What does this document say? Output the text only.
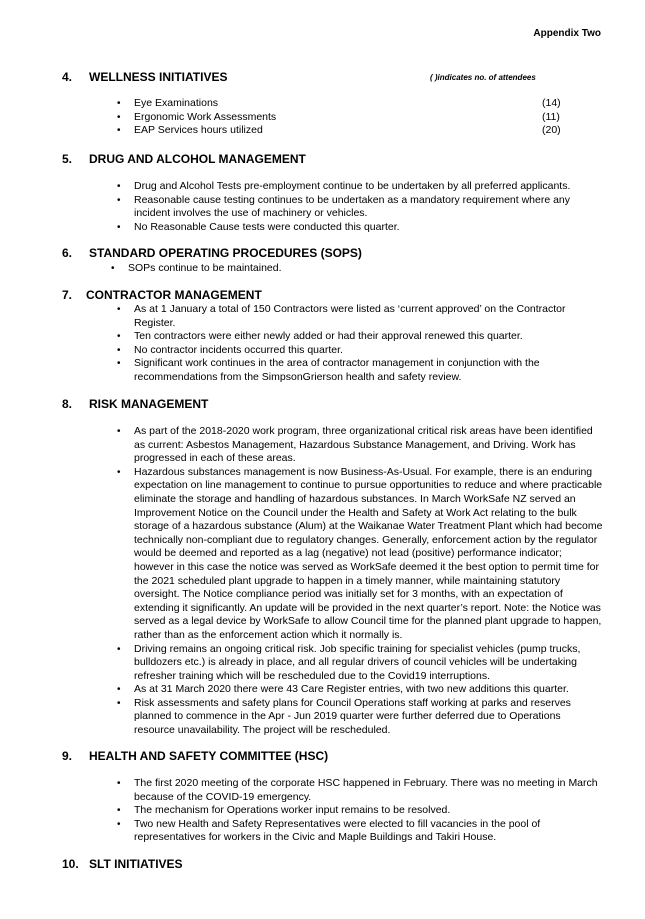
Appendix Two
4. WELLNESS INITIATIVES	( )indicates no. of attendees
• Eye Examinations	(14)
• Ergonomic Work Assessments	(11)
• EAP Services hours utilized	(20)
5. DRUG AND ALCOHOL MANAGEMENT
• Drug and Alcohol Tests pre-employment continue to be undertaken by all preferred applicants.
• Reasonable cause testing continues to be undertaken as a mandatory requirement where any incident involves the use of machinery or vehicles.
• No Reasonable Cause tests were conducted this quarter.
6. STANDARD OPERATING PROCEDURES (SOPS)
• SOPs continue to be maintained.
7. CONTRACTOR MANAGEMENT
• As at 1 January a total of 150 Contractors were listed as ‘current approved’ on the Contractor Register.
• Ten contractors were either newly added or had their approval renewed this quarter.
• No contractor incidents occurred this quarter.
• Significant work continues in the area of contractor management in conjunction with the recommendations from the SimpsonGrierson health and safety review.
8. RISK MANAGEMENT
• As part of the 2018-2020 work program, three organizational critical risk areas have been identified as current: Asbestos Management, Hazardous Substance Management, and Driving. Work has progressed in each of these areas.
• Hazardous substances management is now Business-As-Usual. For example, there is an enduring expectation on line management to continue to pursue opportunities to reduce and where practicable eliminate the storage and handling of hazardous substances. In March WorkSafe NZ served an Improvement Notice on the Council under the Health and Safety at Work Act relating to the bulk storage of a hazardous substance (Alum) at the Waikanae Water Treatment Plant which had become technically non-compliant due to regulatory changes. Generally, enforcement action by the regulator would be deemed and reported as a lag (negative) not lead (positive) performance indicator; however in this case the notice was served as WorkSafe deemed it the best option to permit time for the 2021 scheduled plant upgrade to happen in a timely manner, while maintaining statutory oversight. The Notice compliance period was initially set for 3 months, with an expectation of extending it significantly. An update will be provided in the next quarter’s report. Note: the Notice was served as a legal device by WorkSafe to allow Council time for the planned plant upgrade to happen, rather than as the enforcement action which it normally is.
• Driving remains an ongoing critical risk. Job specific training for specialist vehicles (pump trucks, bulldozers etc.) is already in place, and all regular drivers of council vehicles will be undertaking refresher training which will be rescheduled due to the Covid19 interruptions.
• As at 31 March 2020 there were 43 Care Register entries, with two new additions this quarter.
• Risk assessments and safety plans for Council Operations staff working at parks and reserves planned to commence in the Apr - Jun 2019 quarter were further deferred due to Operations resource unavailability. The project will be rescheduled.
9. HEALTH AND SAFETY COMMITTEE (HSC)
• The first 2020 meeting of the corporate HSC happened in February. There was no meeting in March because of the COVID-19 emergency.
• The mechanism for Operations worker input remains to be resolved.
• Two new Health and Safety Representatives were elected to fill vacancies in the pool of representatives for workers in the Civic and Maple Buildings and Takiri House.
10. SLT INITIATIVES
